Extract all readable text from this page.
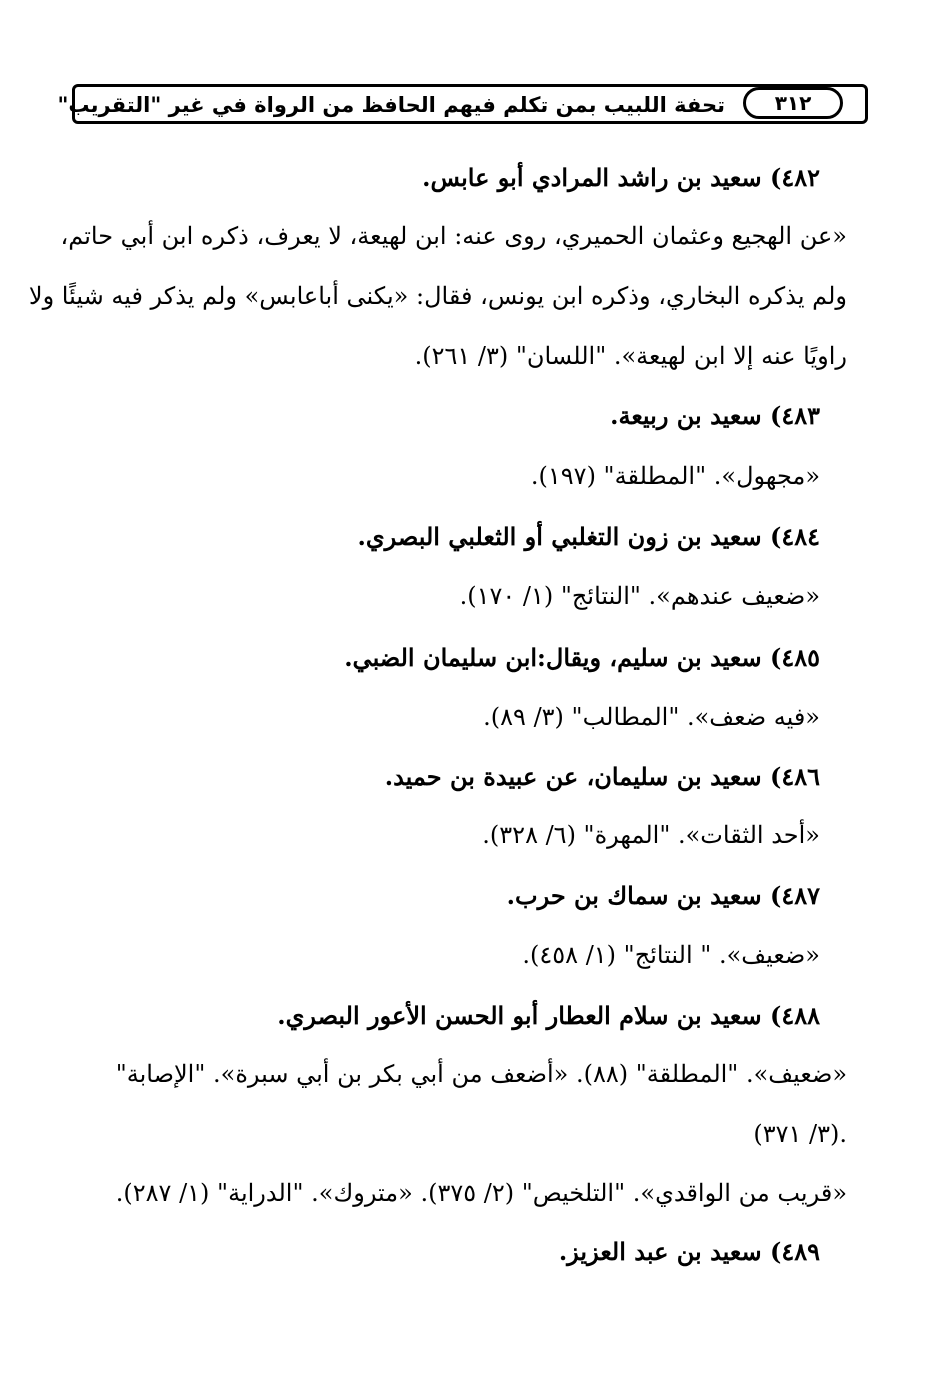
تحفة اللبيب بمن تكلم فيهم الحافظ من الرواة في غير "التقريب"	٣١٢
٤٨٢) سعيد بن راشد المرادي أبو عابس.
«عن الهجيع وعثمان الحميري، روى عنه: ابن لهيعة، لا يعرف، ذكره ابن أبي حاتم،
ولم يذكره البخاري، وذكره ابن يونس، فقال: «يكنى أباعابس» ولم يذكر فيه شيئًا ولا
راويًا عنه إلا ابن لهيعة». "اللسان" (٣/ ٢٦١).
٤٨٣) سعيد بن ربيعة.
«مجهول». "المطلقة" (١٩٧).
٤٨٤) سعيد بن زون التغلبي أو الثعلبي البصري.
«ضعيف عندهم». "النتائج" (١/ ١٧٠).
٤٨٥) سعيد بن سليم، ويقال:ابن سليمان الضبي.
«فيه ضعف». "المطالب" (٣/ ٨٩).
٤٨٦) سعيد بن سليمان، عن عبيدة بن حميد.
«أحد الثقات». "المهرة" (٦/ ٣٢٨).
٤٨٧) سعيد بن سماك بن حرب.
«ضعيف». " النتائج" (١/ ٤٥٨).
٤٨٨) سعيد بن سلام العطار أبو الحسن الأعور البصري.
«ضعيف». "المطلقة" (٨٨). «أضعف من أبي بكر بن أبي سبرة». "الإصابة"
(٣/ ٣٧١).
«قريب من الواقدي». "التلخيص" (٢/ ٣٧٥). «متروك». "الدراية" (١/ ٢٨٧).
٤٨٩) سعيد بن عبد العزيز.
